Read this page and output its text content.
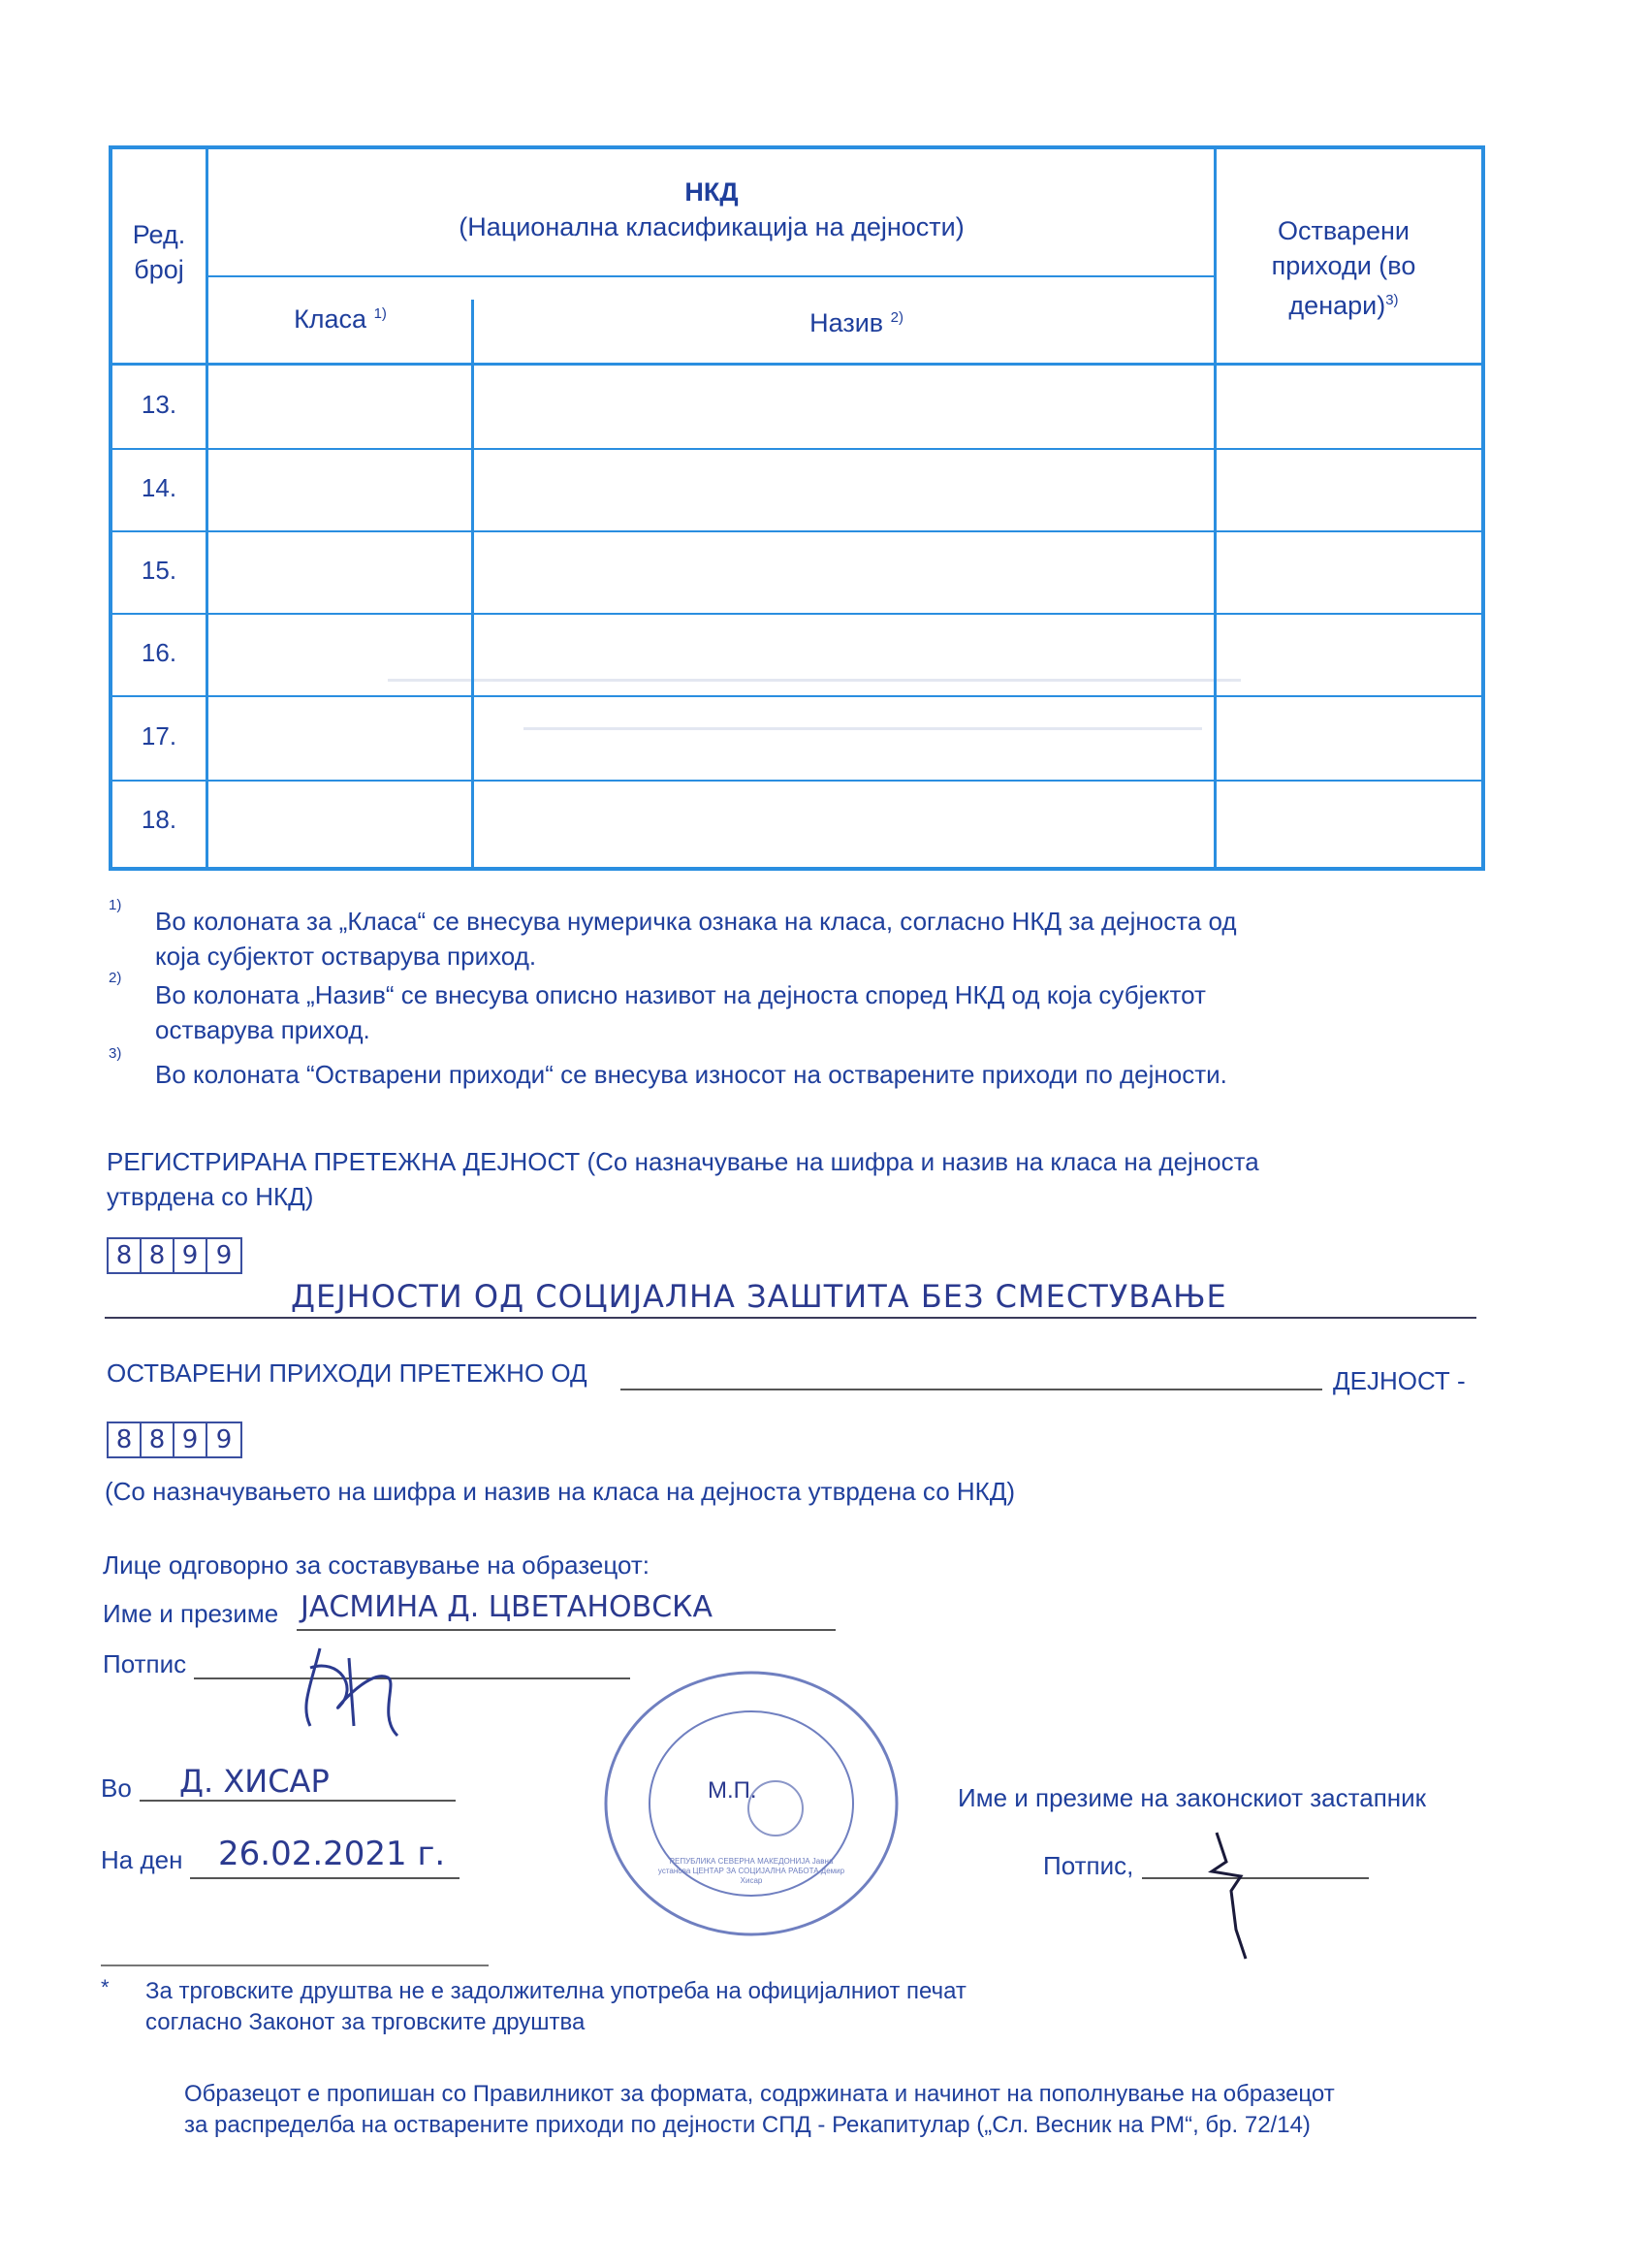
Ред. број
НКД
(Национална класификација на дејности)
Класа $^{1)}$	Назив $^{2)}$
Остварени приходи (во денари)$^{3)}$
13.
14.
15.
16.
17.
18.
1)
Во колоната за „Класа“ се внесува нумеричка ознака на класа, согласно НКД за дејноста од
која субјектот остварува приход.
2)
Во колоната „Назив“ се внесува описно називот на дејноста според НКД од која субјектот
остварува приход.
3)
Во колоната “Остварени приходи“ се внесува износот на остварените приходи по дејности.
РЕГИСТРИРАНА ПРЕТЕЖНА ДЕЈНОСТ (Со назначување на шифра и назив на класа на дејноста
утврдена со НКД)
8 8 9 9
ДЕЈНОСТИ ОД СОЦИЈАЛНА ЗАШТИТА БЕЗ СМЕСТУВАЊЕ
ОСТВАРЕНИ ПРИХОДИ ПРЕТЕЖНО ОД	ДЕЈНОСТ -
8 8 9 9
(Со назначувањето на шифра и назив на класа на дејноста утврдена со НКД)
Лице одговорно за составување на образецот:
Име и презиме ЈАСМИНА Д. ЦВЕТАНОВСКА
Потпис
Во Д. ХИСАР
На ден 26.02.2021 г.
М.П.
РЕПУБЛИКА СЕВЕРНА МАКЕДОНИЈА Јавна установа ЦЕНТАР ЗА СОЦИЈАЛНА РАБОТА Демир Хисар
Име и презиме на законскиот застапник
Потпис,
* За трговските друштва не е задолжителна употреба на официјалниот печат
согласно Законот за трговските друштва
Образецот е пропишан со Правилникот за формата, содржината и начинот на пополнување на образецот
за распределба на остварените приходи по дејности СПД - Рекапитулар („Сл. Весник на РМ“, бр. 72/14)
